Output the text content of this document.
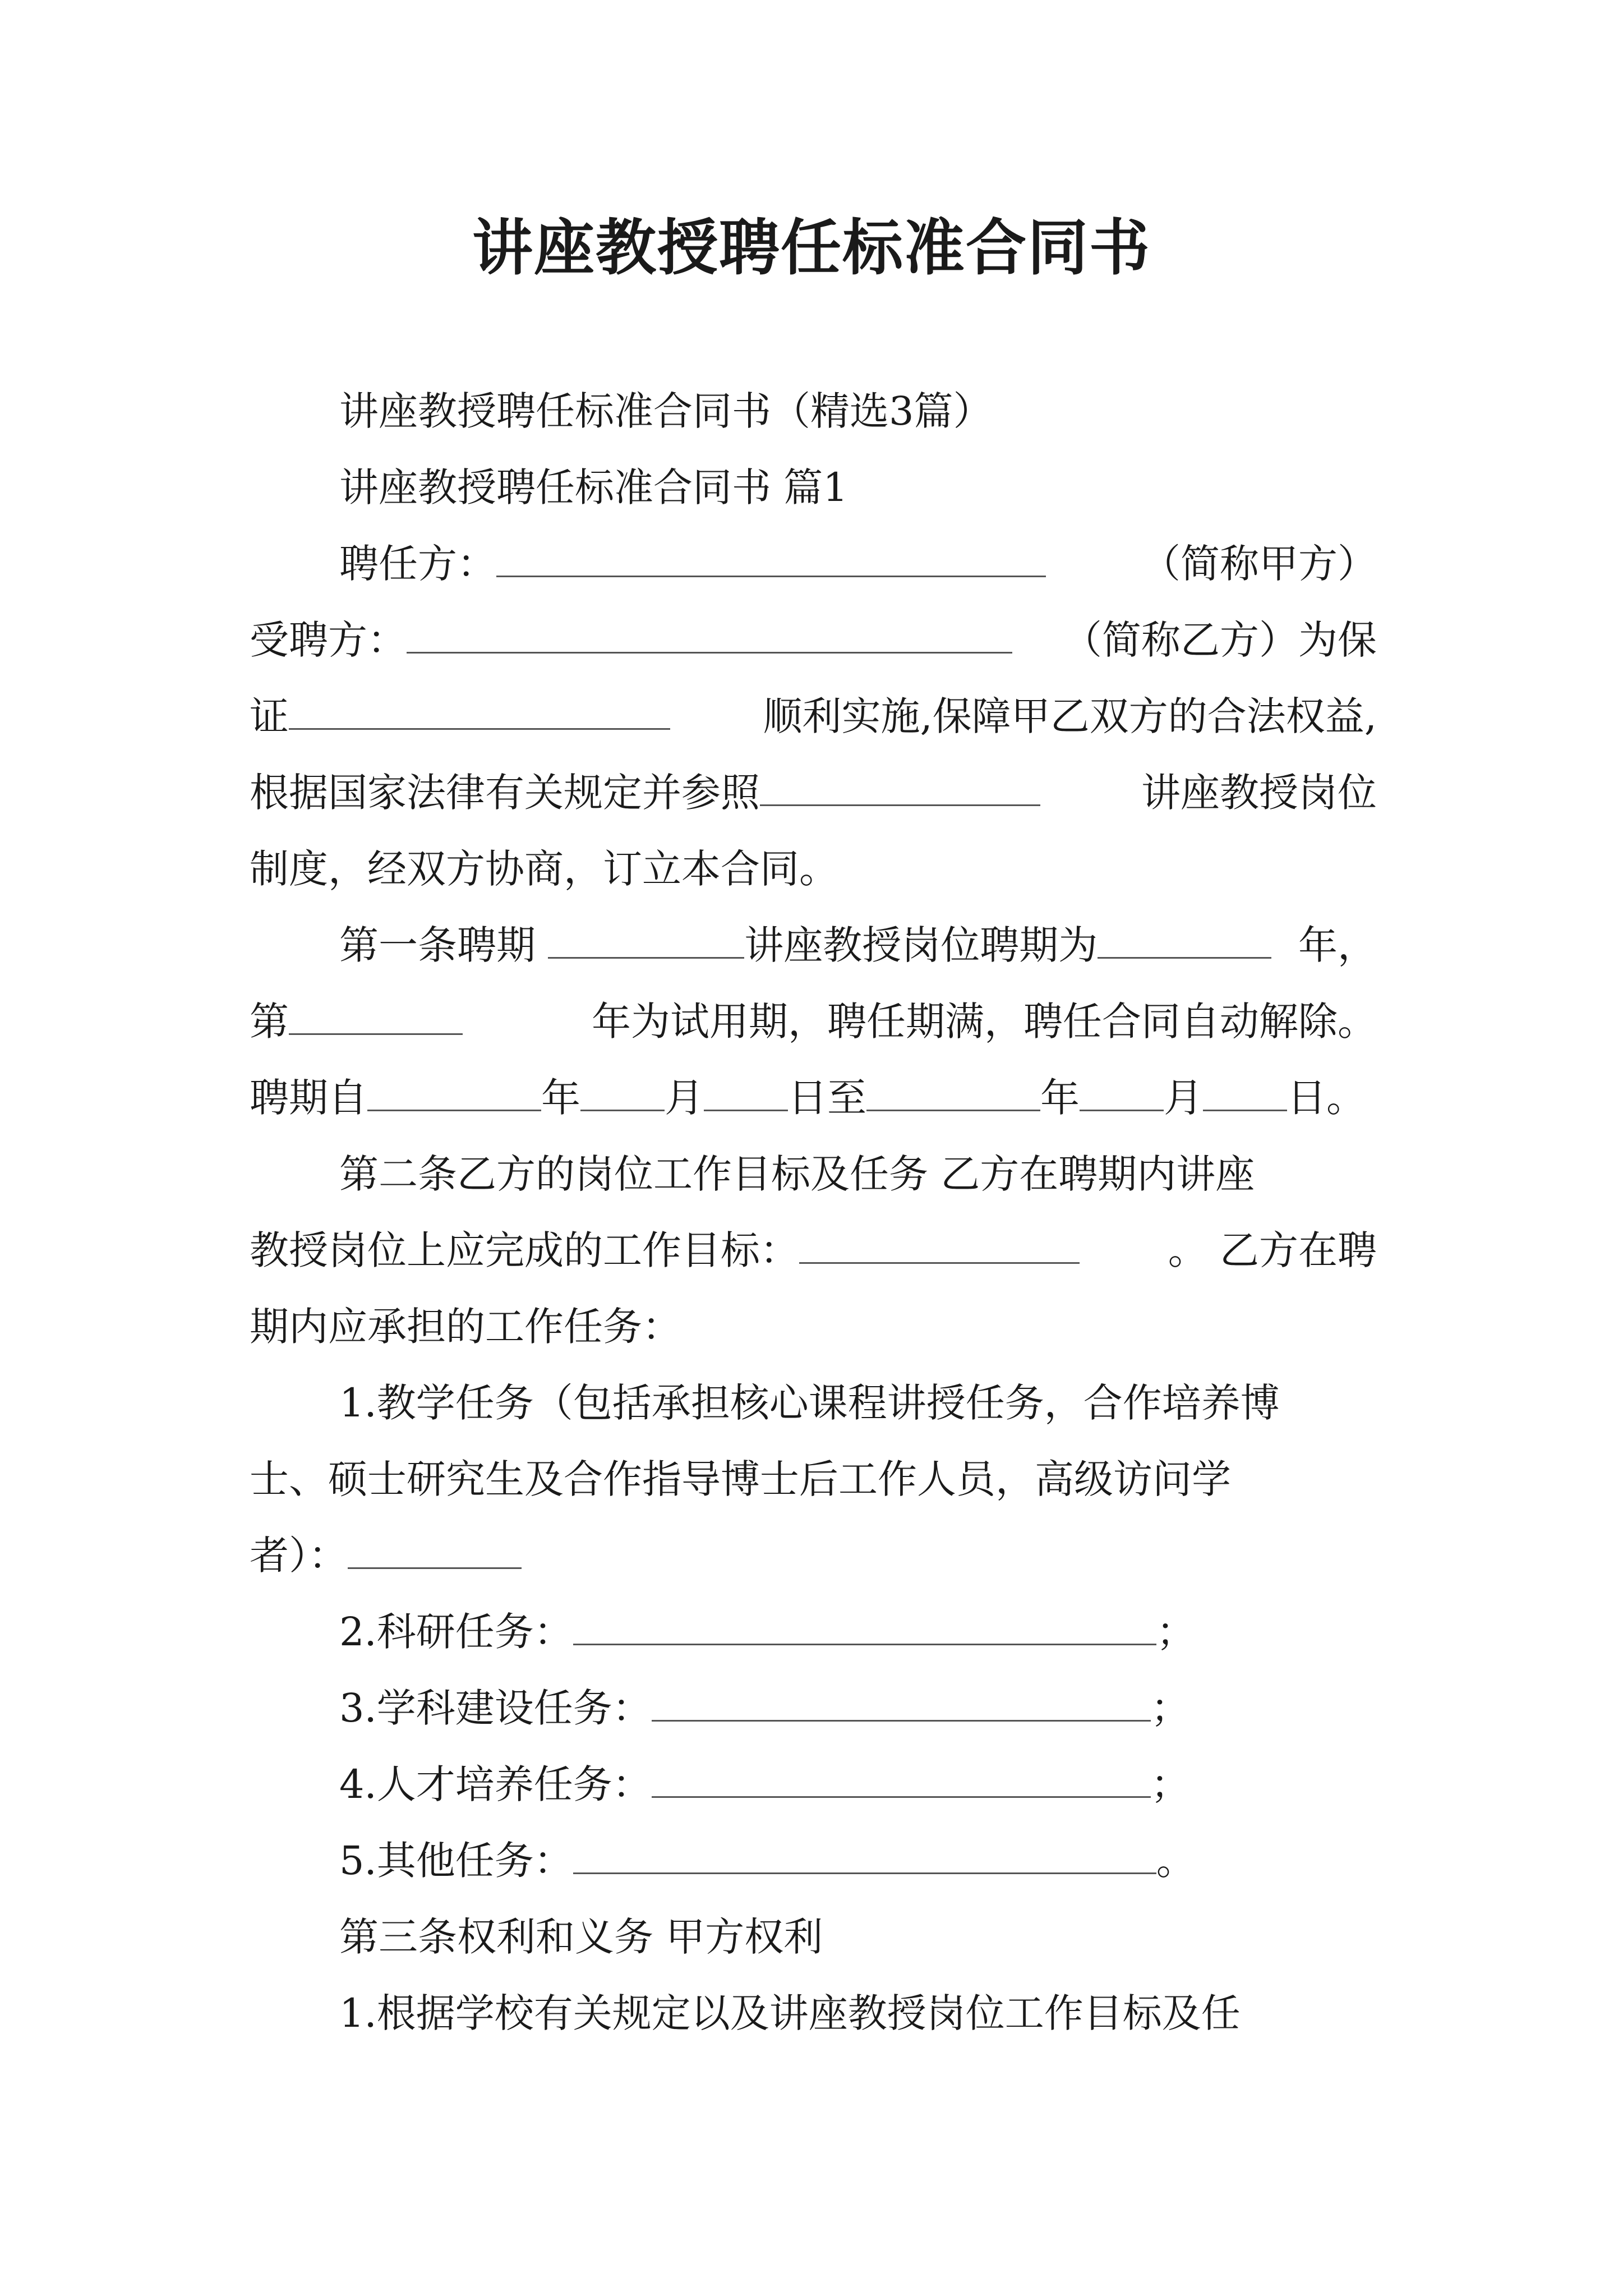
讲座教授聘任标准合同书
讲座教授聘任标准合同书（精选3篇）
讲座教授聘任标准合同书 篇1
聘任方：	（简称甲方）
受聘方：	（简称乙方）为保
证	顺利实施,保障甲乙双方的合法权益,
根据国家法律有关规定并参照	讲座教授岗位
制度，经双方协商，订立本合同。
第一条聘期	讲座教授岗位聘期为	年，
第	年为试用期，聘任期满，聘任合同自动解除。
聘期自	年 月 日至	年 月 日。
第二条乙方的岗位工作目标及任务 乙方在聘期内讲座
教授岗位上应完成的工作目标：	。 乙方在聘
期内应承担的工作任务：
1.教学任务（包括承担核心课程讲授任务，合作培养博
士、硕士研究生及合作指导博士后工作人员，高级访问学
者）：
2.科研任务：	；
3.学科建设任务：	；
4.人才培养任务：	；
5.其他任务：	。
第三条权利和义务 甲方权利
1.根据学校有关规定以及讲座教授岗位工作目标及任
